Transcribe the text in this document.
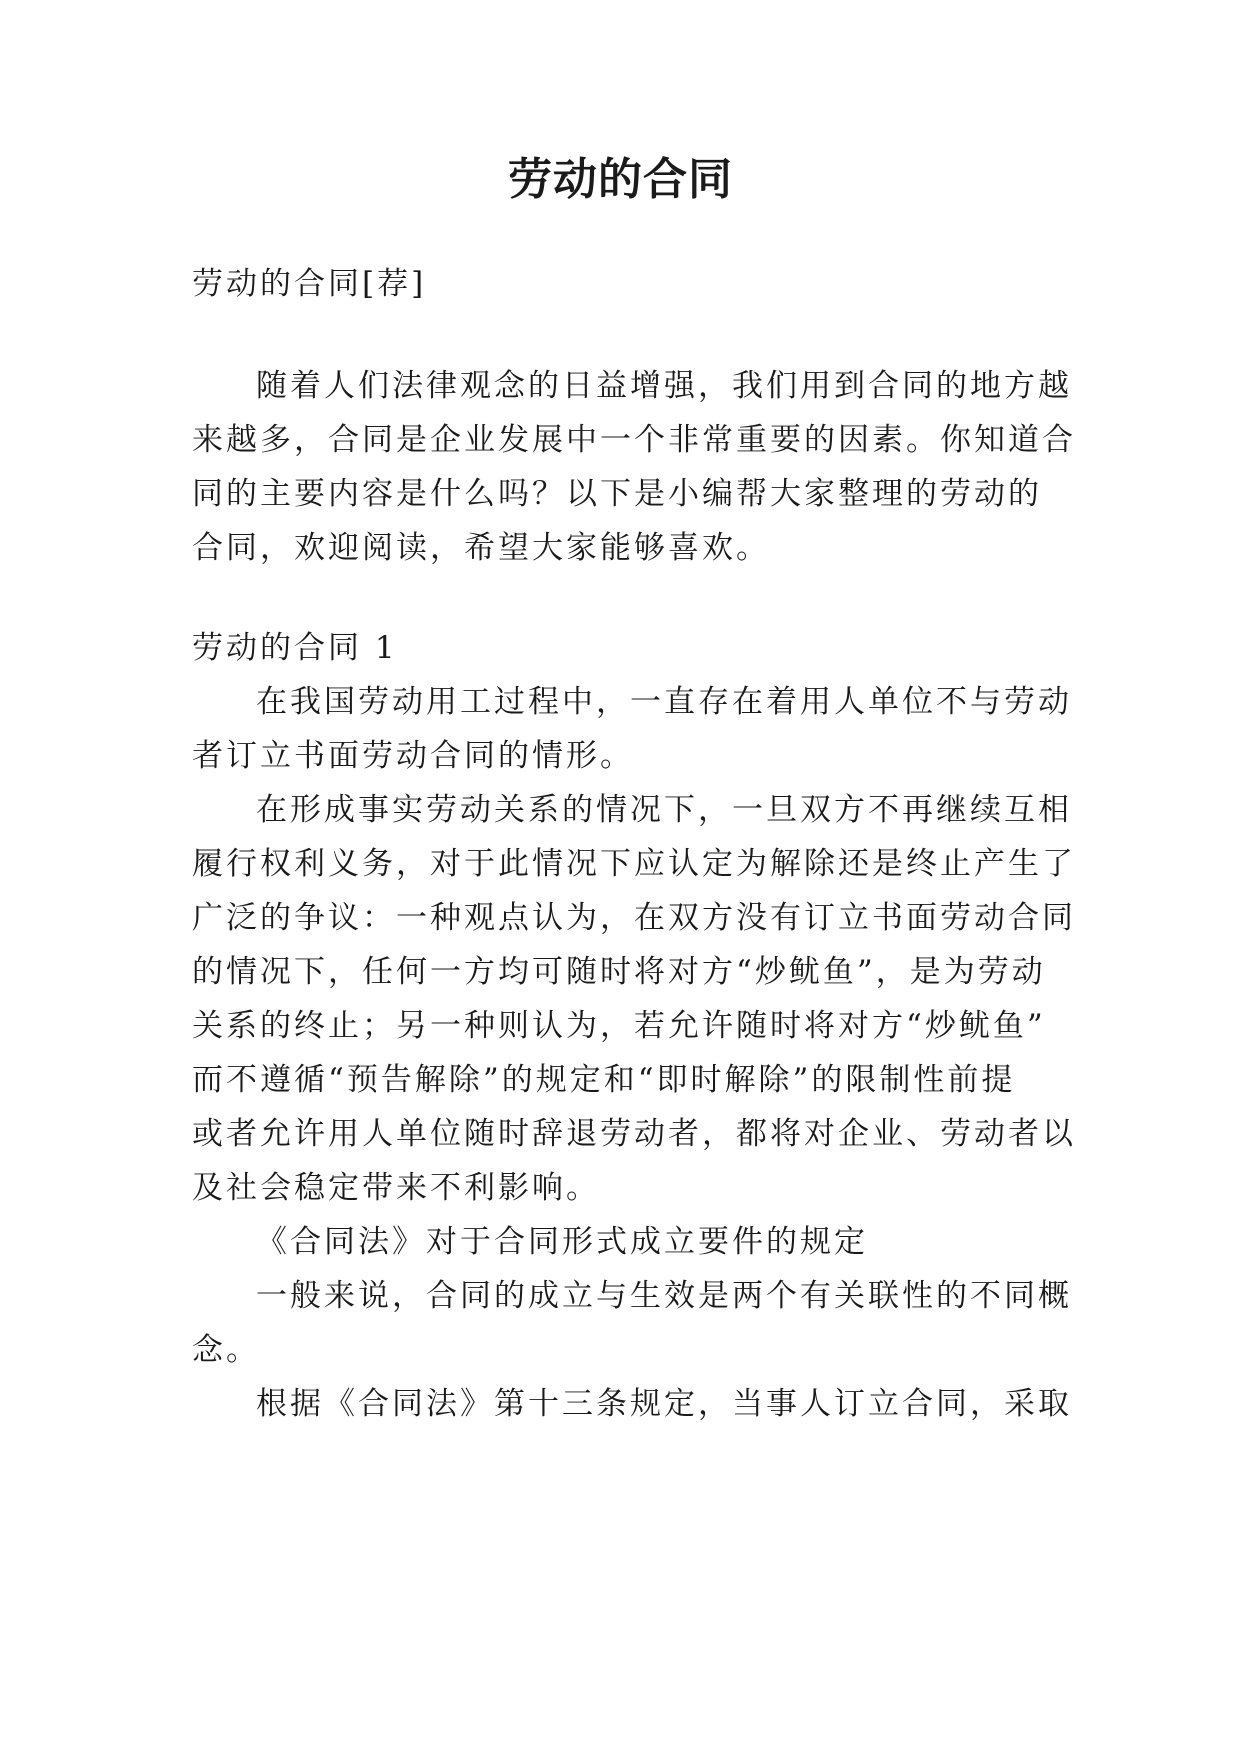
劳动的合同
劳动的合同[荐]
随着人们法律观念的日益增强，我们用到合同的地方越
来越多，合同是企业发展中一个非常重要的因素。你知道合
同的主要内容是什么吗？以下是小编帮大家整理的劳动的
合同，欢迎阅读，希望大家能够喜欢。
劳动的合同 1
在我国劳动用工过程中，一直存在着用人单位不与劳动
者订立书面劳动合同的情形。
在形成事实劳动关系的情况下，一旦双方不再继续互相
履行权利义务，对于此情况下应认定为解除还是终止产生了
广泛的争议：一种观点认为，在双方没有订立书面劳动合同
的情况下，任何一方均可随时将对方“炒鱿鱼”，是为劳动
关系的终止；另一种则认为，若允许随时将对方“炒鱿鱼”
而不遵循“预告解除”的规定和“即时解除”的限制性前提
或者允许用人单位随时辞退劳动者，都将对企业、劳动者以
及社会稳定带来不利影响。
《合同法》对于合同形式成立要件的规定
一般来说，合同的成立与生效是两个有关联性的不同概
念。
根据《合同法》第十三条规定，当事人订立合同，采取
